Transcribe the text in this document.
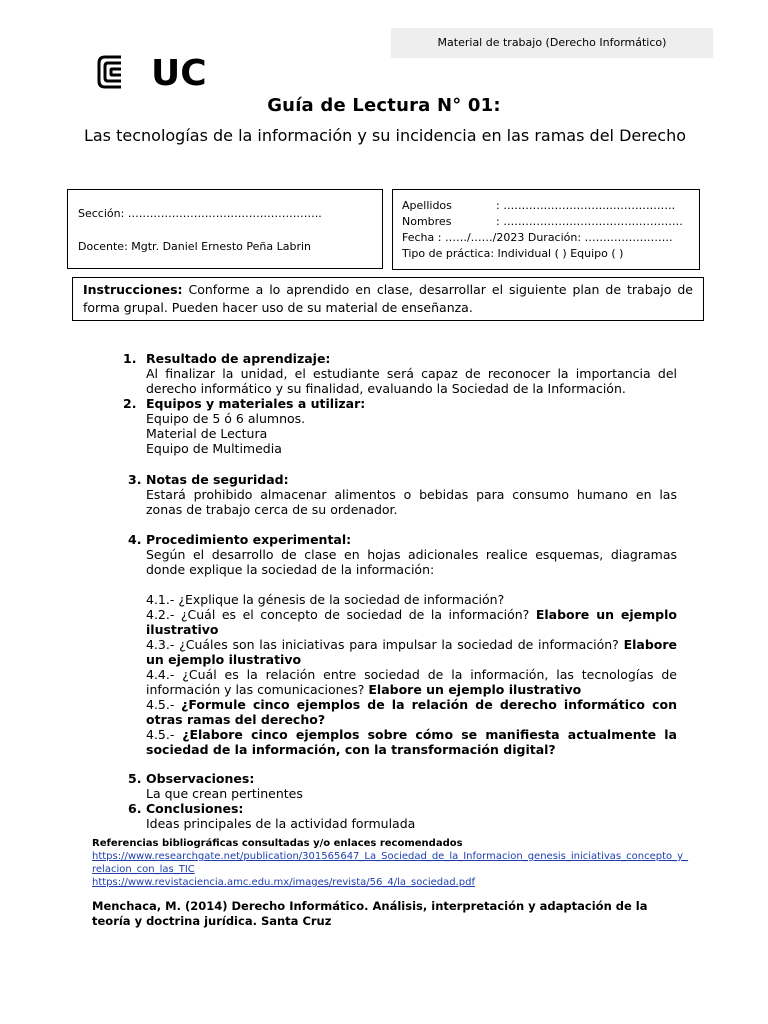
Material de trabajo (Derecho Informático)
UC
Guía de Lectura N° 01:
Las tecnologías de la información y su incidencia en las ramas del Derecho
Sección: ……………………………………………..
Docente: Mgtr. Daniel Ernesto Peña Labrin
Apellidos	: ………………………..………………
Nombres	: ………………………………………….
Fecha : ……/……/2023 Duración: ……………………
Tipo de práctica: Individual ( ) Equipo ( )
Instrucciones: Conforme a lo aprendido en clase, desarrollar el siguiente plan de trabajo de forma grupal. Pueden hacer uso de su material de enseñanza.
1. Resultado de aprendizaje:
Al finalizar la unidad, el estudiante será capaz de reconocer la importancia del derecho informático y su finalidad, evaluando la Sociedad de la Información.
2. Equipos y materiales a utilizar:
Equipo de 5 ó 6 alumnos.
Material de Lectura
Equipo de Multimedia
3. Notas de seguridad:
Estará prohibido almacenar alimentos o bebidas para consumo humano en las zonas de trabajo cerca de su ordenador.
4. Procedimiento experimental:
Según el desarrollo de clase en hojas adicionales realice esquemas, diagramas donde explique la sociedad de la información:
4.1.- ¿Explique la génesis de la sociedad de información?
4.2.- ¿Cuál es el concepto de sociedad de la información? Elabore un ejemplo ilustrativo
4.3.- ¿Cuáles son las iniciativas para impulsar la sociedad de información? Elabore un ejemplo ilustrativo
4.4.- ¿Cuál es la relación entre sociedad de la información, las tecnologías de información y las comunicaciones? Elabore un ejemplo ilustrativo
4.5.- ¿Formule cinco ejemplos de la relación de derecho informático con otras ramas del derecho?
4.5.- ¿Elabore cinco ejemplos sobre cómo se manifiesta actualmente la sociedad de la información, con la transformación digital?
5. Observaciones:
La que crean pertinentes
6. Conclusiones:
Ideas principales de la actividad formulada
Referencias bibliográficas consultadas y/o enlaces recomendados
https://www.researchgate.net/publication/301565647_La_Sociedad_de_la_Informacion_genesis_iniciativas_concepto_y_relacion_con_las_TIC
https://www.revistaciencia.amc.edu.mx/images/revista/56_4/la_sociedad.pdf
Menchaca, M. (2014) Derecho Informático. Análisis, interpretación y adaptación de la teoría y doctrina jurídica. Santa Cruz
